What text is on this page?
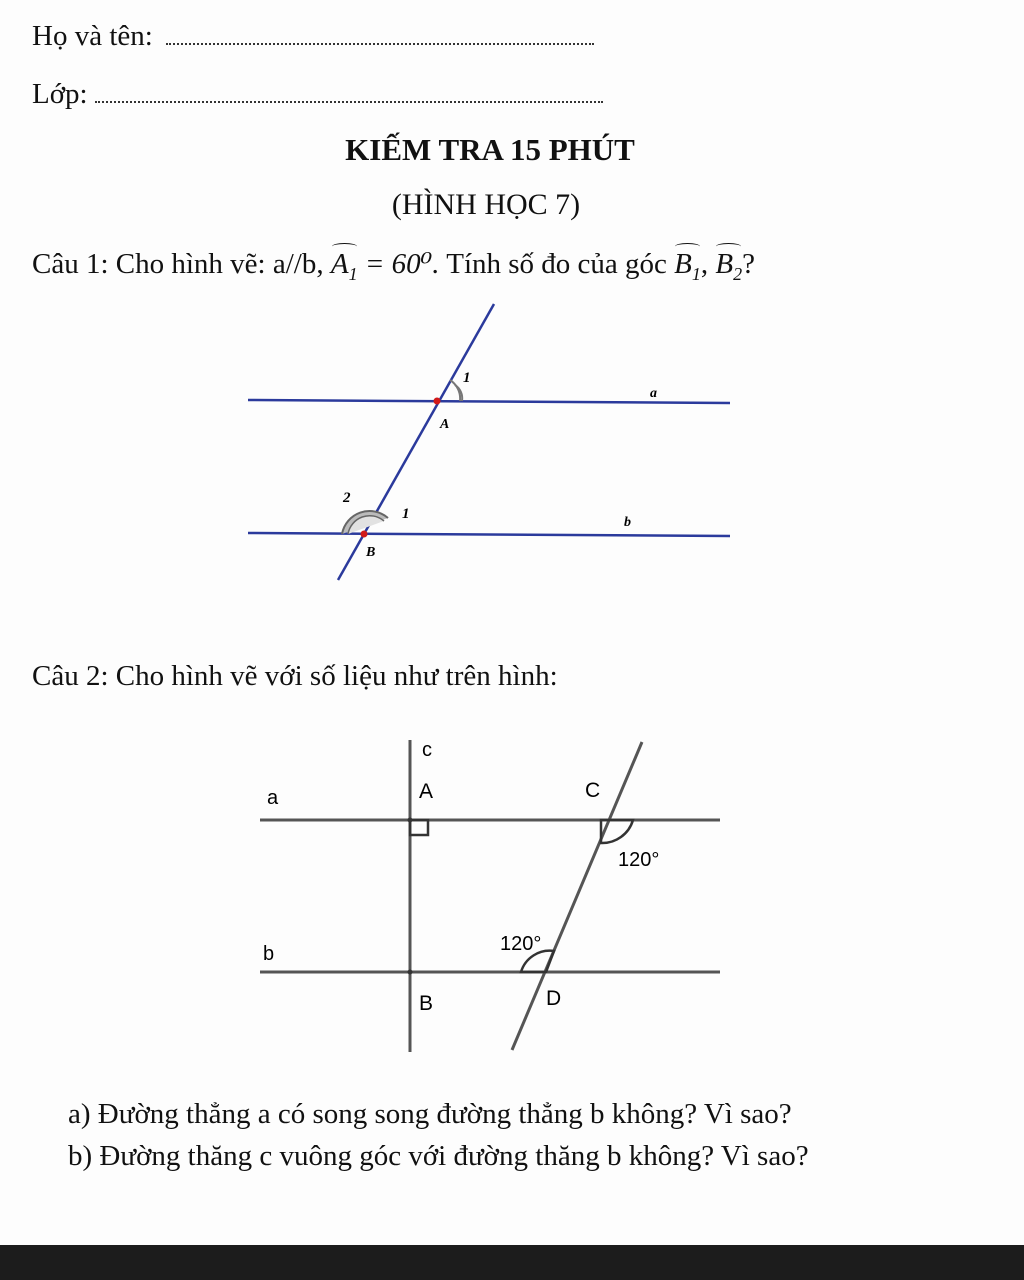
Họ và tên:
Lớp:
KIẾM TRA 15 PHÚT
(HÌNH HỌC 7)
Câu 1: Cho hình vẽ: a//b, $A_1 = 60^0$. Tính số đo của góc $B_1$, $B_2$?
a
b
A
B
1
1
2
Câu 2: Cho hình vẽ với số liệu như trên hình:
a
b
c
A
B
C
D
120°
120°
a) Đường thẳng a có song song đường thẳng b không? Vì sao?
b) Đường thăng c vuông góc với đường thăng b không? Vì sao?
